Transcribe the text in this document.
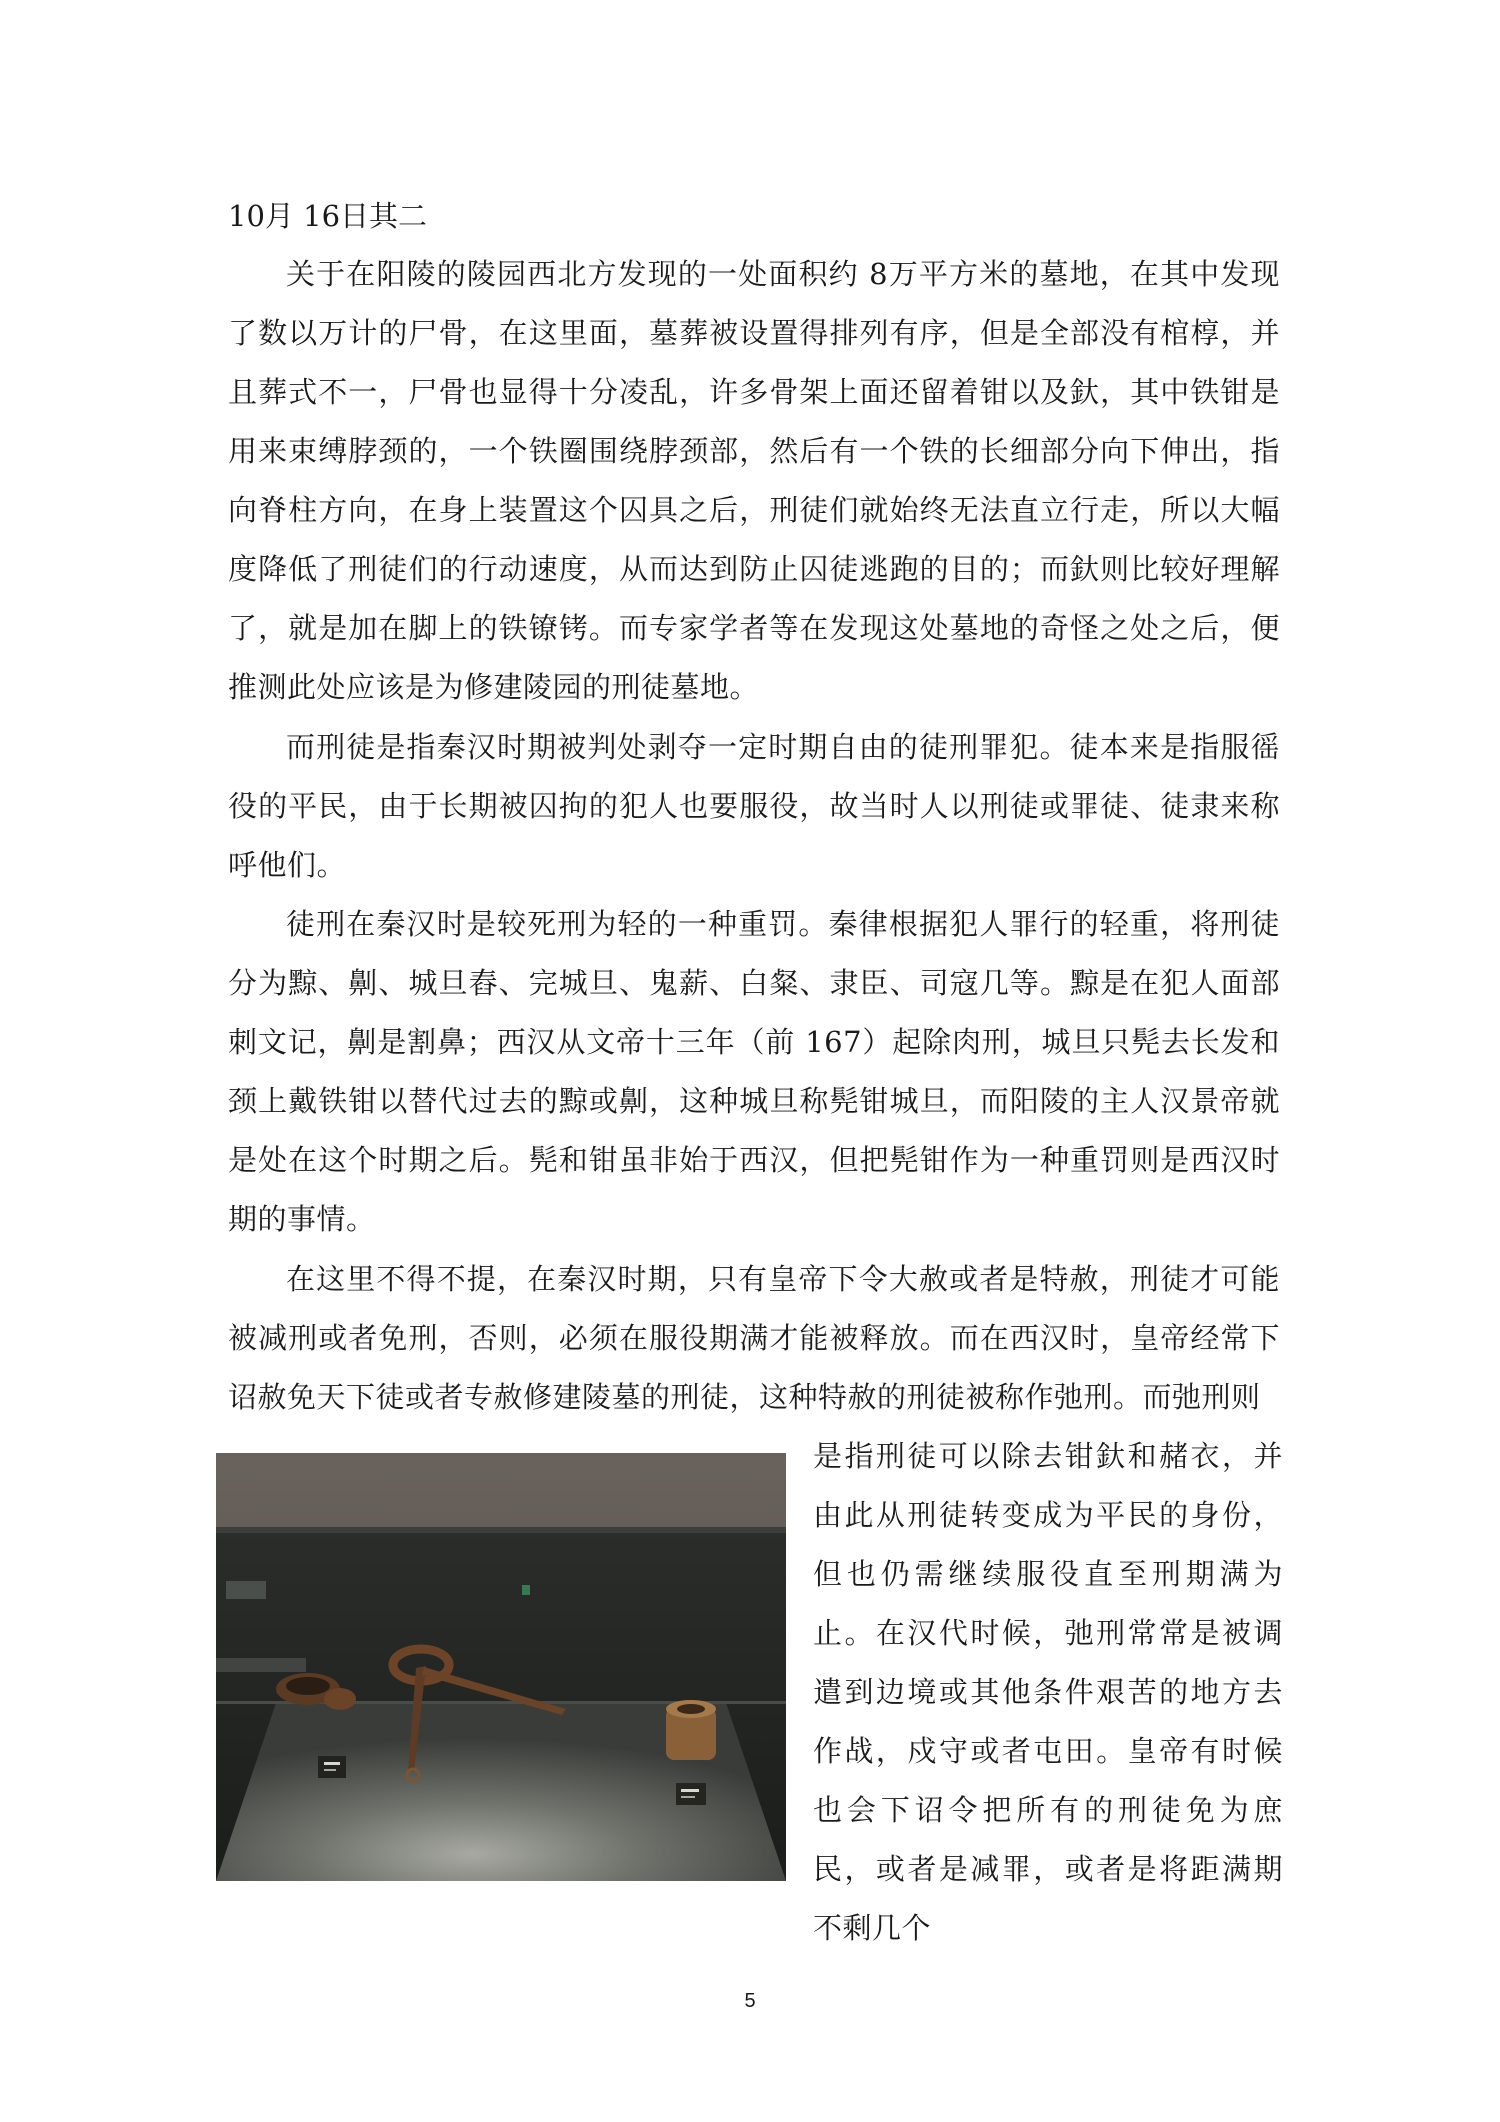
10月 16日其二

关于在阳陵的陵园西北方发现的一处面积约 8万平方米的墓地，在其中发现了数以万计的尸骨，在这里面，墓葬被设置得排列有序，但是全部没有棺椁，并且葬式不一，尸骨也显得十分凌乱，许多骨架上面还留着钳以及釱，其中铁钳是用来束缚脖颈的，一个铁圈围绕脖颈部，然后有一个铁的长细部分向下伸出，指向脊柱方向，在身上装置这个囚具之后，刑徒们就始终无法直立行走，所以大幅度降低了刑徒们的行动速度，从而达到防止囚徒逃跑的目的；而釱则比较好理解了，就是加在脚上的铁镣铐。而专家学者等在发现这处墓地的奇怪之处之后，便推测此处应该是为修建陵园的刑徒墓地。

而刑徒是指秦汉时期被判处剥夺一定时期自由的徒刑罪犯。徒本来是指服徭役的平民，由于长期被囚拘的犯人也要服役，故当时人以刑徒或罪徒、徒隶来称呼他们。

徒刑在秦汉时是较死刑为轻的一种重罚。秦律根据犯人罪行的轻重，将刑徒分为黥、劓、城旦舂、完城旦、鬼薪、白粲、隶臣、司寇几等。黥是在犯人面部刺文记，劓是割鼻；西汉从文帝十三年（前 167）起除肉刑，城旦只髡去长发和颈上戴铁钳以替代过去的黥或劓，这种城旦称髡钳城旦，而阳陵的主人汉景帝就是处在这个时期之后。髡和钳虽非始于西汉，但把髡钳作为一种重罚则是西汉时期的事情。

在这里不得不提，在秦汉时期，只有皇帝下令大赦或者是特赦，刑徒才可能被减刑或者免刑，否则，必须在服役期满才能被释放。而在西汉时，皇帝经常下诏赦免天下徒或者专赦修建陵墓的刑徒，这种特赦的刑徒被称作弛刑。而弛刑则

是指刑徒可以除去钳釱和赭衣，并由此从刑徒转变成为平民的身份，但也仍需继续服役直至刑期满为止。在汉代时候，弛刑常常是被调遣到边境或其他条件艰苦的地方去作战，戍守或者屯田。皇帝有时候也会下诏令把所有的刑徒免为庶民，或者是减罪，或者是将距满期不剩几个

5
